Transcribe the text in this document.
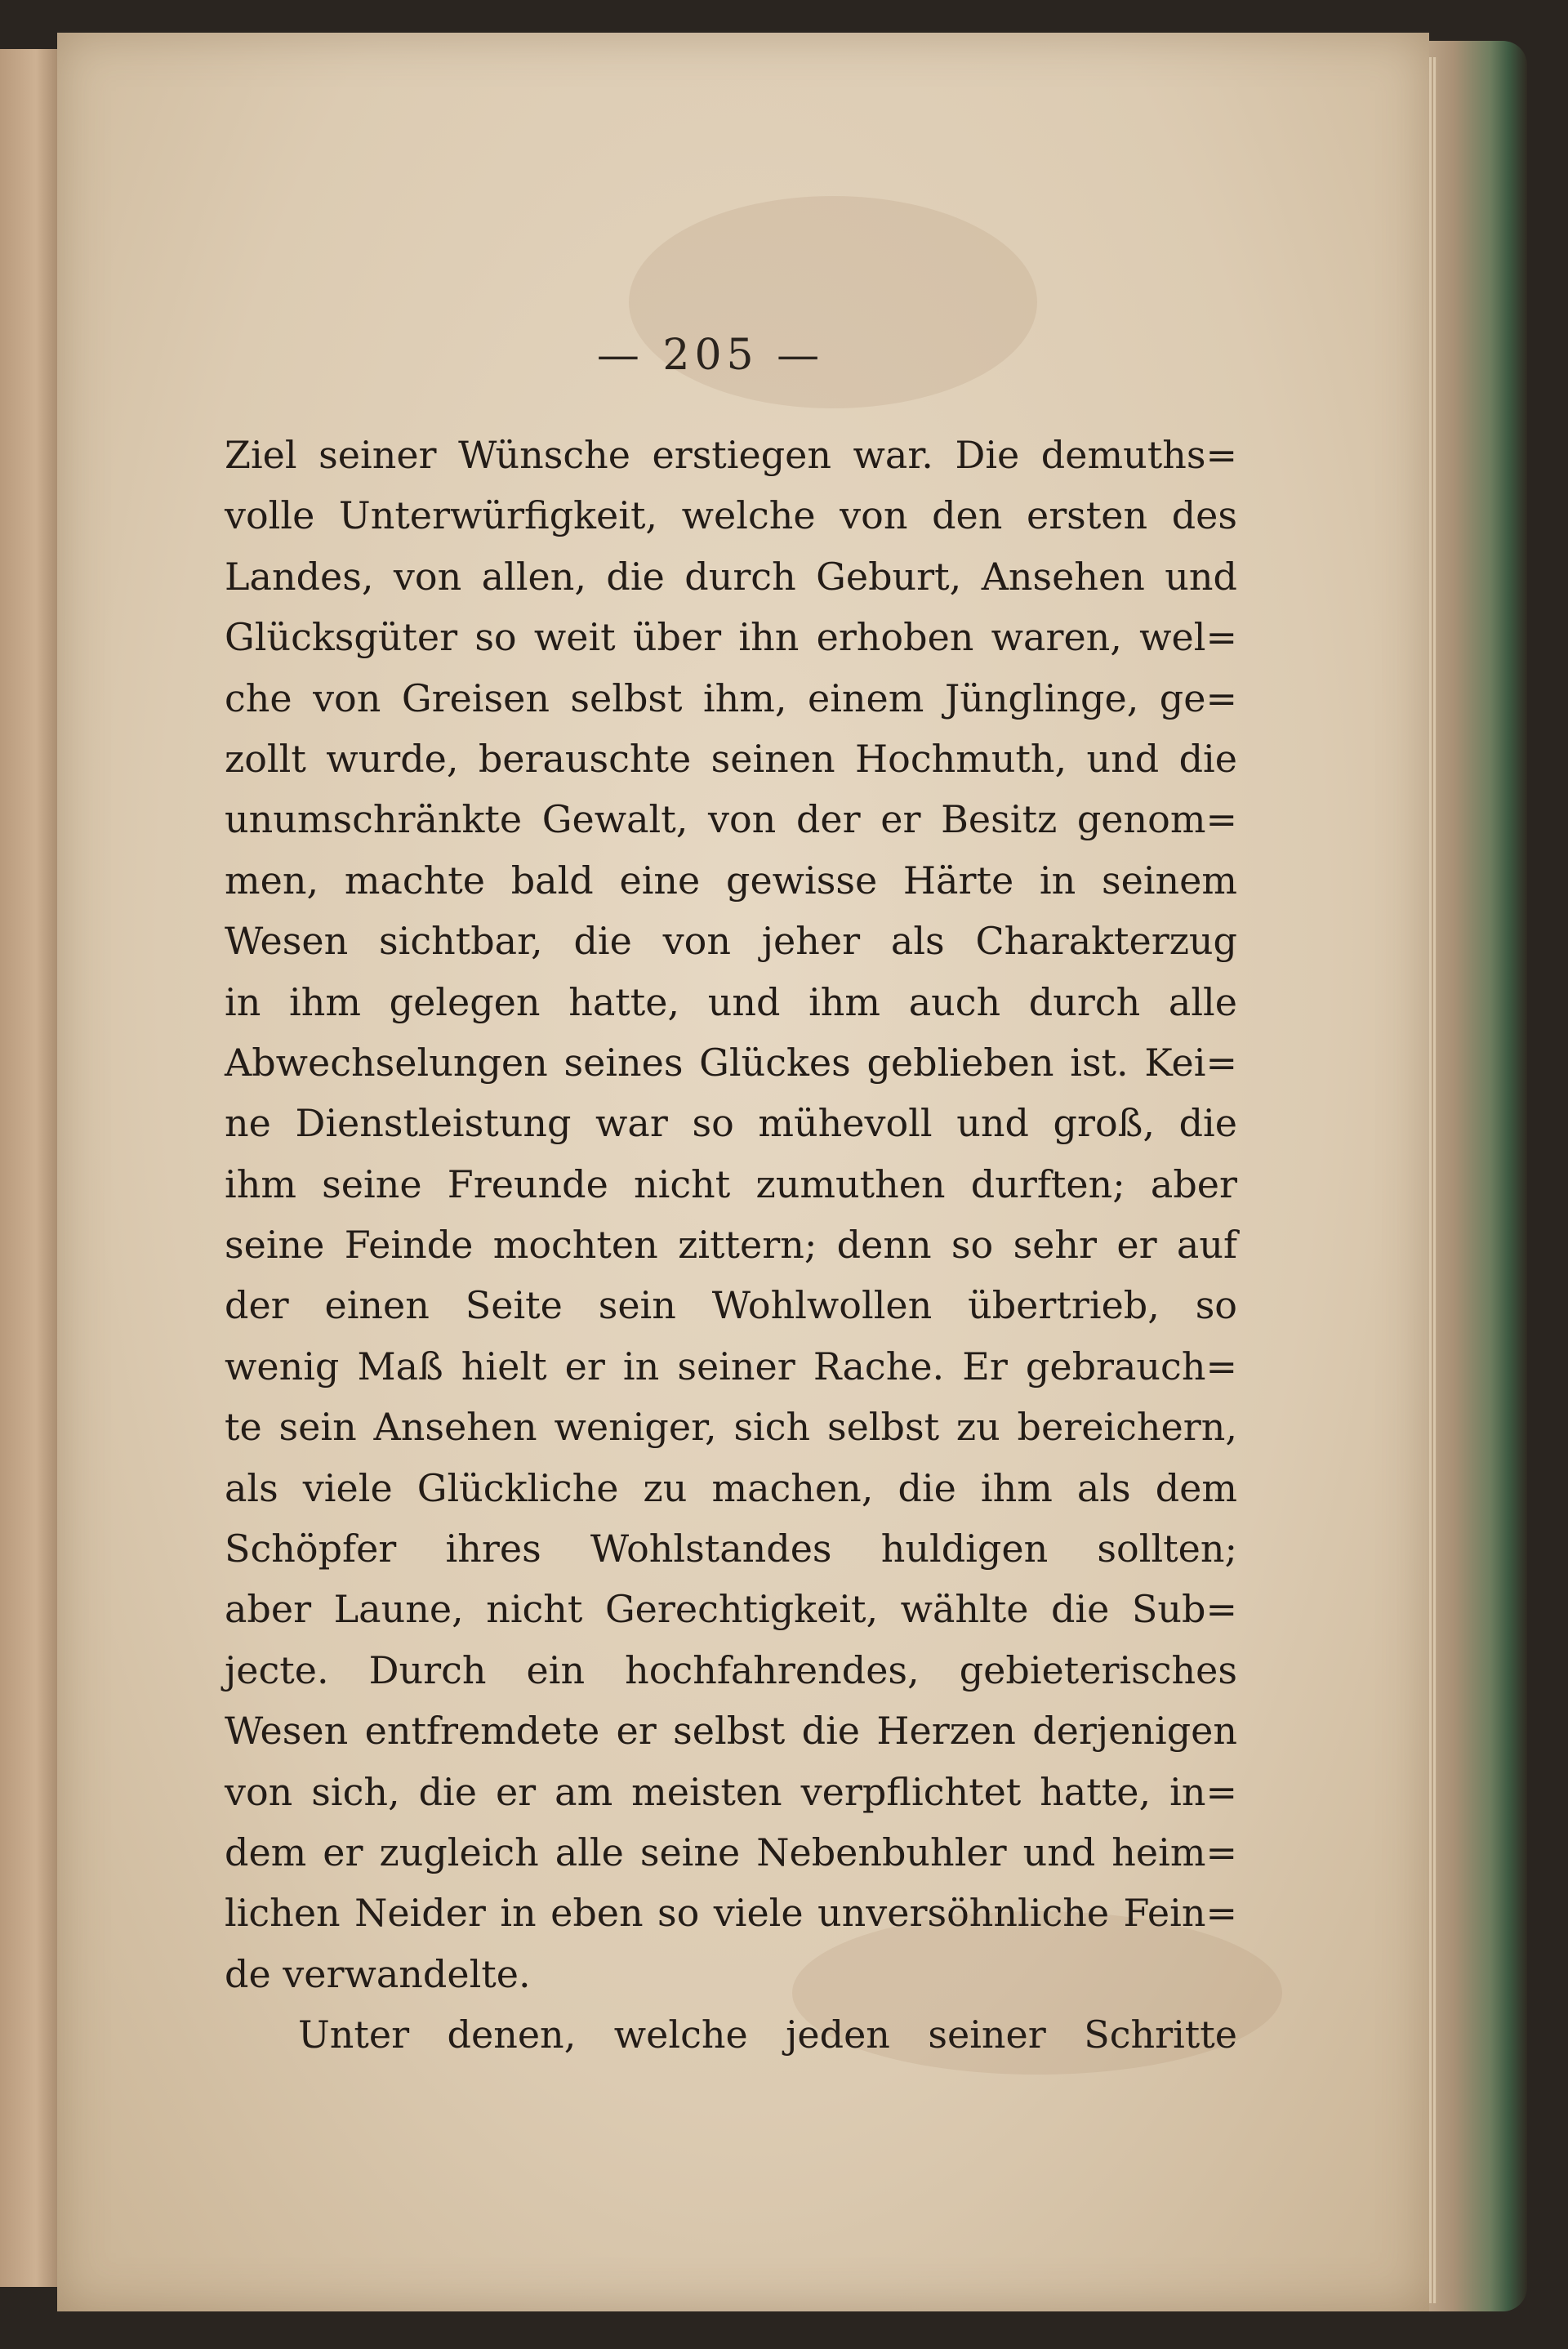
— 205 —
Ziel seiner Wünsche erstiegen war. Die demuths=
volle Unterwürfigkeit, welche von den ersten des
Landes, von allen, die durch Geburt, Ansehen und
Glücksgüter so weit über ihn erhoben waren, wel=
che von Greisen selbst ihm, einem Jünglinge, ge=
zollt wurde, berauschte seinen Hochmuth, und die
unumschränkte Gewalt, von der er Besitz genom=
men, machte bald eine gewisse Härte in seinem
Wesen sichtbar, die von jeher als Charakterzug
in ihm gelegen hatte, und ihm auch durch alle
Abwechselungen seines Glückes geblieben ist. Kei=
ne Dienstleistung war so mühevoll und groß, die
ihm seine Freunde nicht zumuthen durften; aber
seine Feinde mochten zittern; denn so sehr er auf
der einen Seite sein Wohlwollen übertrieb, so
wenig Maß hielt er in seiner Rache. Er gebrauch=
te sein Ansehen weniger, sich selbst zu bereichern,
als viele Glückliche zu machen, die ihm als dem
Schöpfer ihres Wohlstandes huldigen sollten;
aber Laune, nicht Gerechtigkeit, wählte die Sub=
jecte. Durch ein hochfahrendes, gebieterisches
Wesen entfremdete er selbst die Herzen derjenigen
von sich, die er am meisten verpflichtet hatte, in=
dem er zugleich alle seine Nebenbuhler und heim=
lichen Neider in eben so viele unversöhnliche Fein=
de verwandelte.
Unter denen, welche jeden seiner Schritte
